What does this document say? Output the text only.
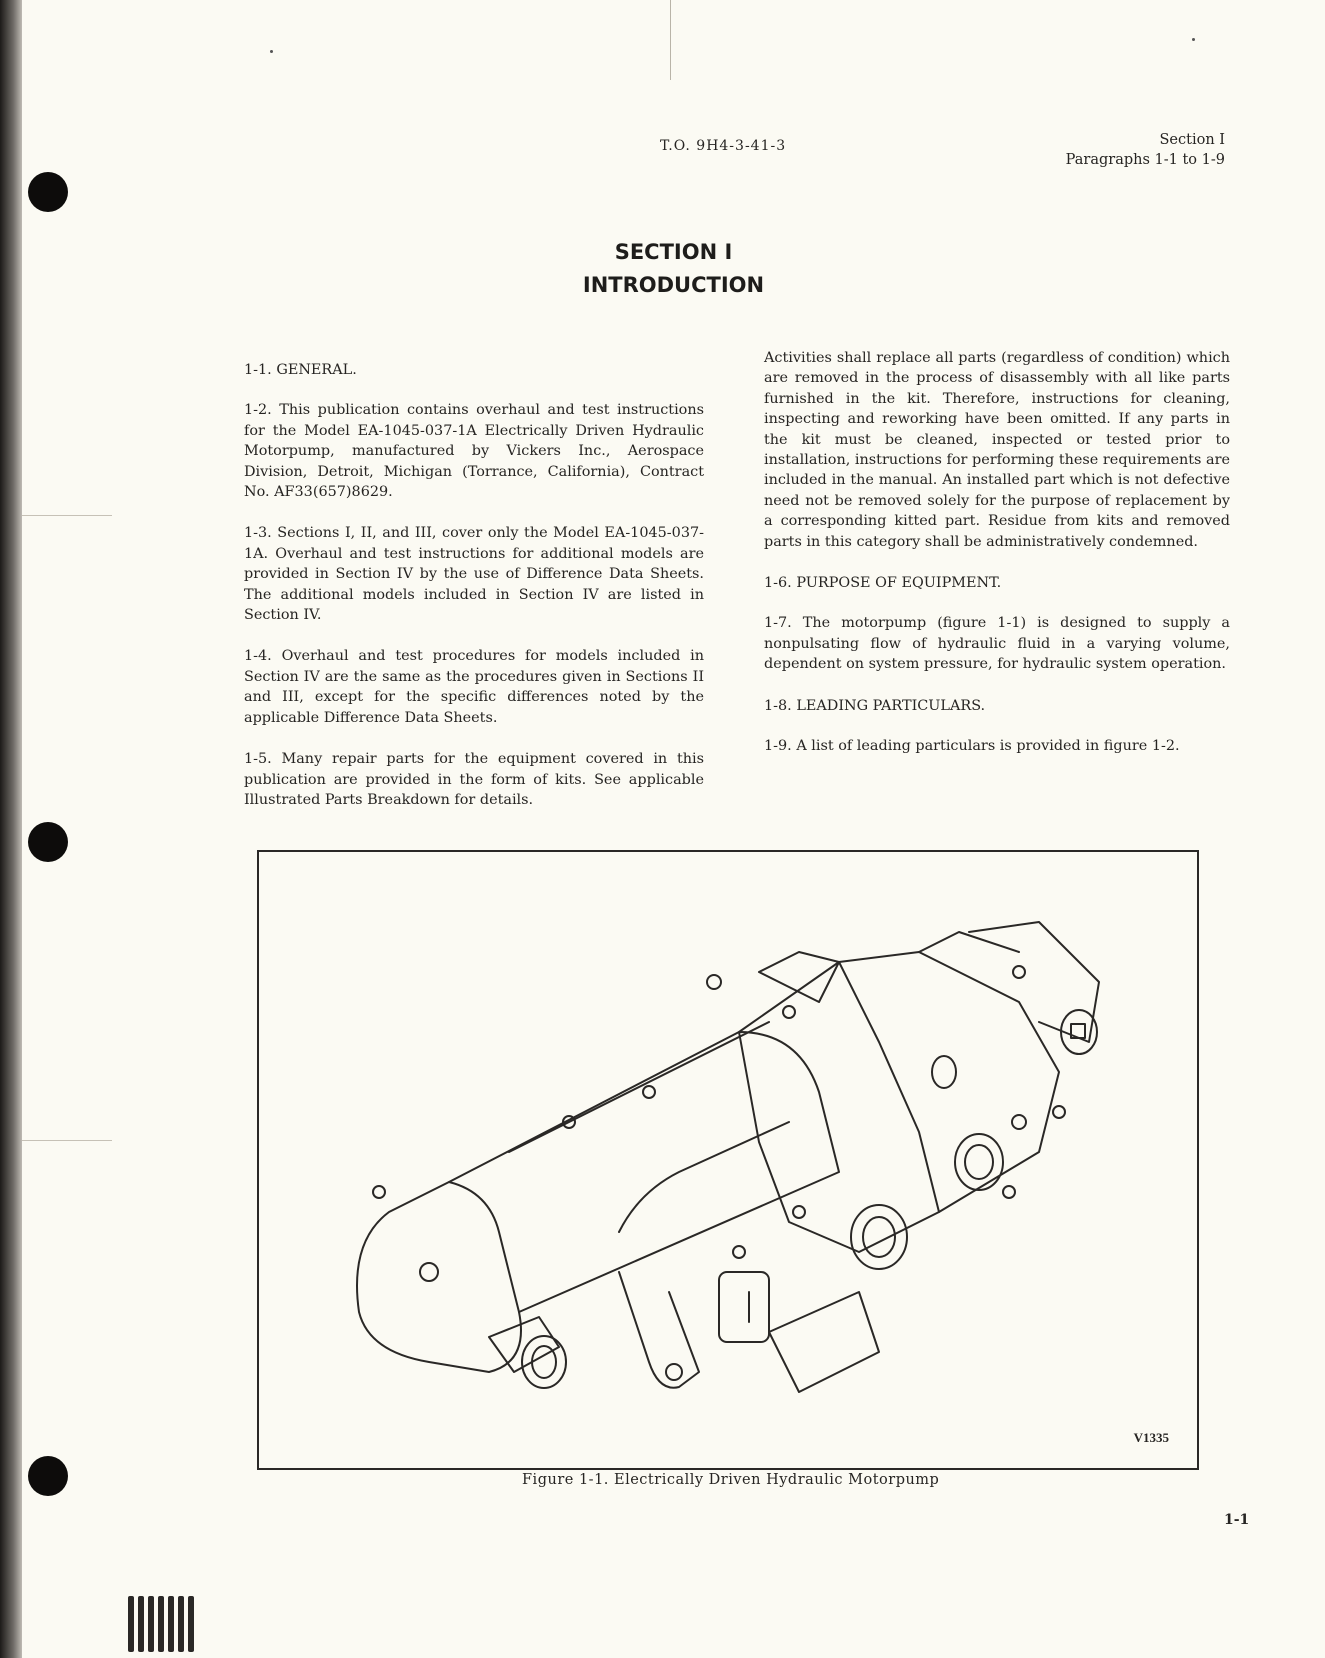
T.O. 9H4-3-41-3	Section I
Paragraphs 1-1 to 1-9
SECTION I
INTRODUCTION

1-1. GENERAL.

1-2. This publication contains overhaul and test instructions for the Model EA-1045-037-1A Electrically Driven Hydraulic Motorpump, manufactured by Vickers Inc., Aerospace Division, Detroit, Michigan (Torrance, California), Contract No. AF33(657)8629.

1-3. Sections I, II, and III, cover only the Model EA-1045-037-1A. Overhaul and test instructions for additional models are provided in Section IV by the use of Difference Data Sheets. The additional models included in Section IV are listed in Section IV.

1-4. Overhaul and test procedures for models included in Section IV are the same as the procedures given in Sections II and III, except for the specific differences noted by the applicable Difference Data Sheets.

1-5. Many repair parts for the equipment covered in this publication are provided in the form of kits. See applicable Illustrated Parts Breakdown for details.

Activities shall replace all parts (regardless of condition) which are removed in the process of disassembly with all like parts furnished in the kit. Therefore, instructions for cleaning, inspecting and reworking have been omitted. If any parts in the kit must be cleaned, inspected or tested prior to installation, instructions for performing these requirements are included in the manual. An installed part which is not defective need not be removed solely for the purpose of replacement by a corresponding kitted part. Residue from kits and removed parts in this category shall be administratively condemned.

1-6. PURPOSE OF EQUIPMENT.

1-7. The motorpump (figure 1-1) is designed to supply a nonpulsating flow of hydraulic fluid in a varying volume, dependent on system pressure, for hydraulic system operation.

1-8. LEADING PARTICULARS.

1-9. A list of leading particulars is provided in figure 1-2.

V1335
Figure 1-1. Electrically Driven Hydraulic Motorpump
1-1
